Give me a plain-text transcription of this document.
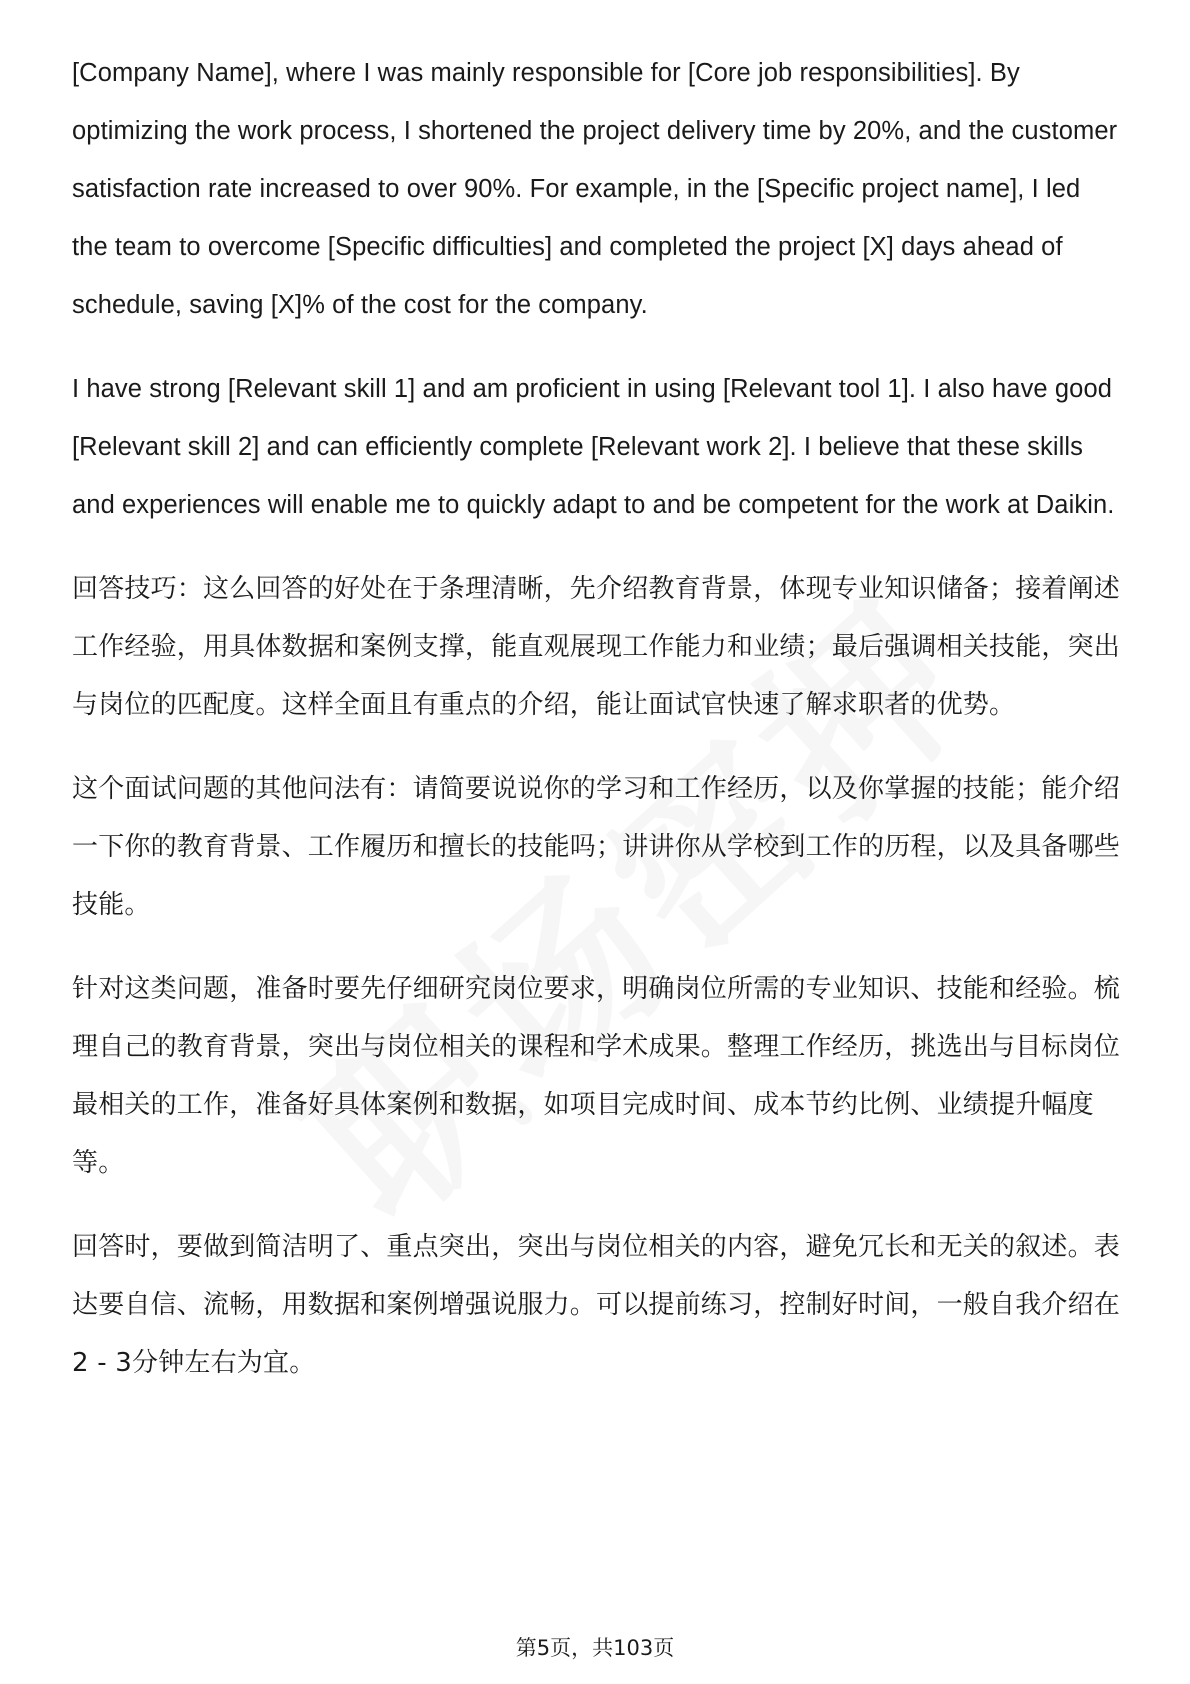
[Company Name], where I was mainly responsible for [Core job responsibilities]. By optimizing the work process, I shortened the project delivery time by 20%, and the customer satisfaction rate increased to over 90%. For example, in the [Specific project name], I led the team to overcome [Specific difficulties] and completed the project [X] days ahead of schedule, saving [X]% of the cost for the company.

I have strong [Relevant skill 1] and am proficient in using [Relevant tool 1]. I also have good [Relevant skill 2] and can efficiently complete [Relevant work 2]. I believe that these skills and experiences will enable me to quickly adapt to and be competent for the work at Daikin.

回答技巧：这么回答的好处在于条理清晰，先介绍教育背景，体现专业知识储备；接着阐述工作经验，用具体数据和案例支撑，能直观展现工作能力和业绩；最后强调相关技能，突出与岗位的匹配度。这样全面且有重点的介绍，能让面试官快速了解求职者的优势。

这个面试问题的其他问法有：请简要说说你的学习和工作经历，以及你掌握的技能；能介绍一下你的教育背景、工作履历和擅长的技能吗；讲讲你从学校到工作的历程，以及具备哪些技能。

针对这类问题，准备时要先仔细研究岗位要求，明确岗位所需的专业知识、技能和经验。梳理自己的教育背景，突出与岗位相关的课程和学术成果。整理工作经历，挑选出与目标岗位最相关的工作，准备好具体案例和数据，如项目完成时间、成本节约比例、业绩提升幅度等。

回答时，要做到简洁明了、重点突出，突出与岗位相关的内容，避免冗长和无关的叙述。表达要自信、流畅，用数据和案例增强说服力。可以提前练习，控制好时间，一般自我介绍在2 - 3分钟左右为宜。

第5页，共103页
